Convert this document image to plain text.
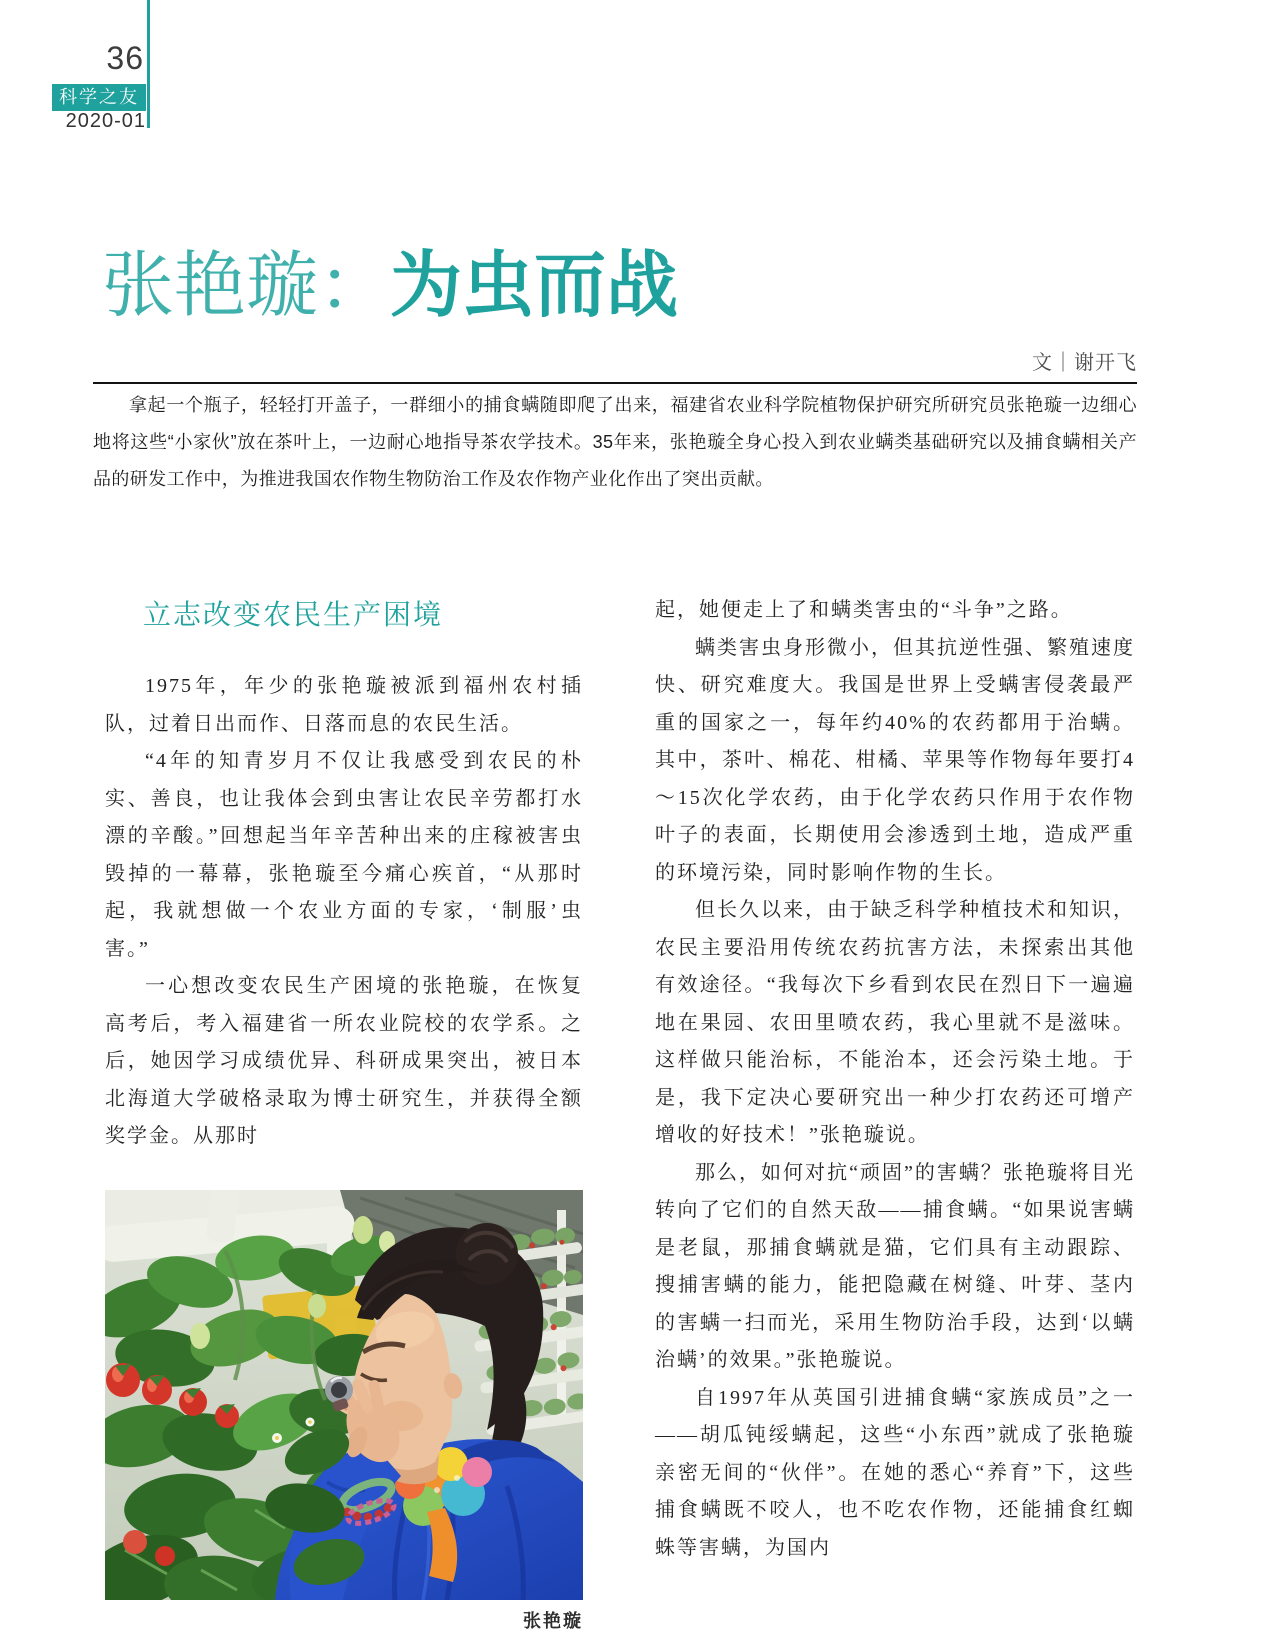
36
科学之友
2020-01
张艳璇：为虫而战
文｜谢开飞

拿起一个瓶子，轻轻打开盖子，一群细小的捕食螨随即爬了出来，福建省农业科学院植物保护研究所研究员张艳璇一边细心地将这些“小家伙”放在茶叶上，一边耐心地指导茶农学技术。35年来，张艳璇全身心投入到农业螨类基础研究以及捕食螨相关产品的研发工作中，为推进我国农作物生物防治工作及农作物产业化作出了突出贡献。

立志改变农民生产困境

1975年，年少的张艳璇被派到福州农村插队，过着日出而作、日落而息的农民生活。

“4年的知青岁月不仅让我感受到农民的朴实、善良，也让我体会到虫害让农民辛劳都打水漂的辛酸。”回想起当年辛苦种出来的庄稼被害虫毁掉的一幕幕，张艳璇至今痛心疾首，“从那时起，我就想做一个农业方面的专家，‘制服’虫害。”

一心想改变农民生产困境的张艳璇，在恢复高考后，考入福建省一所农业院校的农学系。之后，她因学习成绩优异、科研成果突出，被日本北海道大学破格录取为博士研究生，并获得全额奖学金。从那时

张艳璇

起，她便走上了和螨类害虫的“斗争”之路。

螨类害虫身形微小，但其抗逆性强、繁殖速度快、研究难度大。我国是世界上受螨害侵袭最严重的国家之一，每年约40%的农药都用于治螨。其中，茶叶、棉花、柑橘、苹果等作物每年要打4～15次化学农药，由于化学农药只作用于农作物叶子的表面，长期使用会渗透到土地，造成严重的环境污染，同时影响作物的生长。

但长久以来，由于缺乏科学种植技术和知识，农民主要沿用传统农药抗害方法，未探索出其他有效途径。“我每次下乡看到农民在烈日下一遍遍地在果园、农田里喷农药，我心里就不是滋味。这样做只能治标，不能治本，还会污染土地。于是，我下定决心要研究出一种少打农药还可增产增收的好技术！”张艳璇说。

那么，如何对抗“顽固”的害螨？张艳璇将目光转向了它们的自然天敌——捕食螨。“如果说害螨是老鼠，那捕食螨就是猫，它们具有主动跟踪、搜捕害螨的能力，能把隐藏在树缝、叶芽、茎内的害螨一扫而光，采用生物防治手段，达到‘以螨治螨’的效果。”张艳璇说。

自1997年从英国引进捕食螨“家族成员”之一——胡瓜钝绥螨起，这些“小东西”就成了张艳璇亲密无间的“伙伴”。在她的悉心“养育”下，这些捕食螨既不咬人，也不吃农作物，还能捕食红蜘蛛等害螨，为国内
